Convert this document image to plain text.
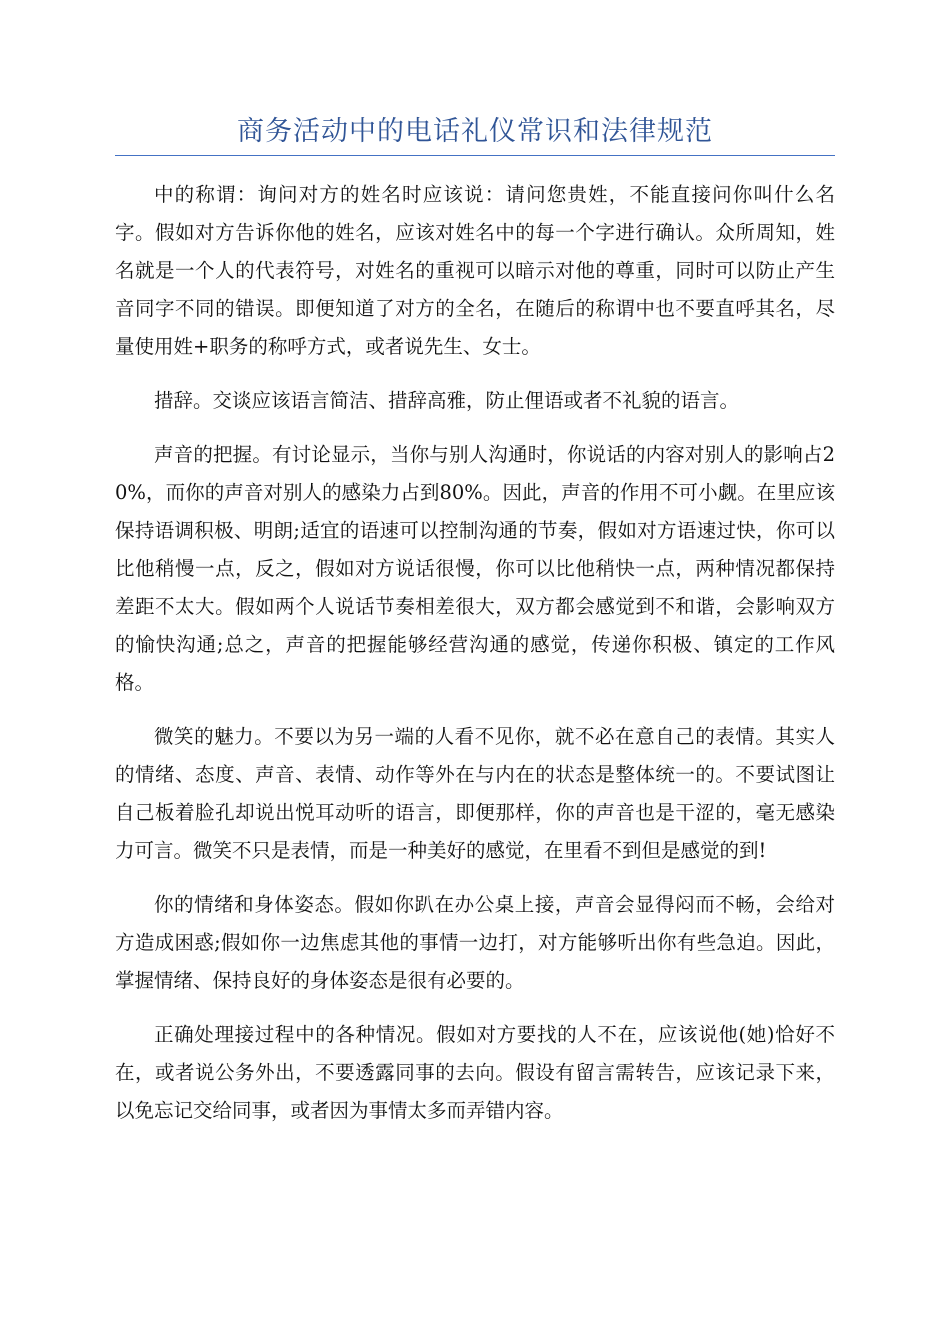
商务活动中的电话礼仪常识和法律规范

中的称谓：询问对方的姓名时应该说：请问您贵姓，不能直接问你叫什么名字。假如对方告诉你他的姓名，应该对姓名中的每一个字进行确认。众所周知，姓名就是一个人的代表符号，对姓名的重视可以暗示对他的尊重，同时可以防止产生音同字不同的错误。即便知道了对方的全名，在随后的称谓中也不要直呼其名，尽量使用姓+职务的称呼方式，或者说先生、女士。

措辞。交谈应该语言简洁、措辞高雅，防止俚语或者不礼貌的语言。

声音的把握。有讨论显示，当你与别人沟通时，你说话的内容对别人的影响占20%，而你的声音对别人的感染力占到80%。因此，声音的作用不可小觑。在里应该保持语调积极、明朗;适宜的语速可以控制沟通的节奏，假如对方语速过快，你可以比他稍慢一点，反之，假如对方说话很慢，你可以比他稍快一点，两种情况都保持差距不太大。假如两个人说话节奏相差很大，双方都会感觉到不和谐，会影响双方的愉快沟通;总之，声音的把握能够经营沟通的感觉，传递你积极、镇定的工作风格。

微笑的魅力。不要以为另一端的人看不见你，就不必在意自己的表情。其实人的情绪、态度、声音、表情、动作等外在与内在的状态是整体统一的。不要试图让自己板着脸孔却说出悦耳动听的语言，即便那样，你的声音也是干涩的，毫无感染力可言。微笑不只是表情，而是一种美好的感觉，在里看不到但是感觉的到!

你的情绪和身体姿态。假如你趴在办公桌上接，声音会显得闷而不畅，会给对方造成困惑;假如你一边焦虑其他的事情一边打，对方能够听出你有些急迫。因此，掌握情绪、保持良好的身体姿态是很有必要的。

正确处理接过程中的各种情况。假如对方要找的人不在，应该说他(她)恰好不在，或者说公务外出，不要透露同事的去向。假设有留言需转告，应该记录下来，以免忘记交给同事，或者因为事情太多而弄错内容。
